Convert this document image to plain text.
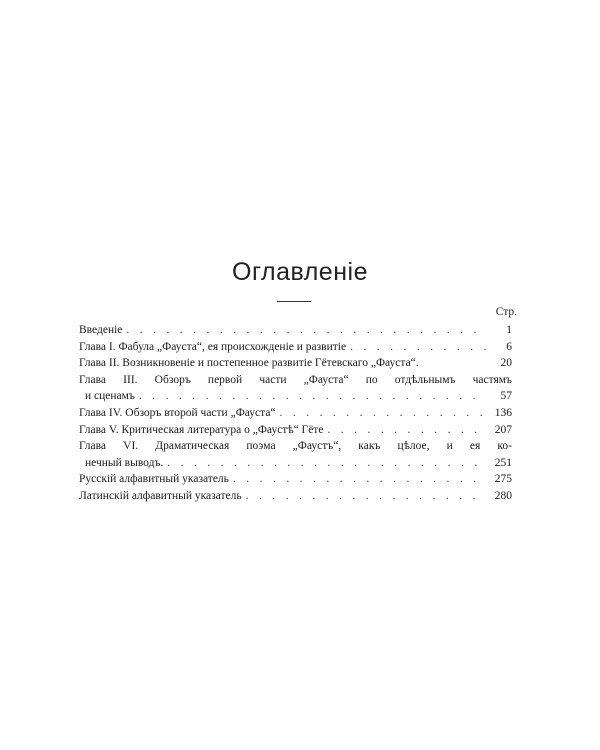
Оглавленіе
Стр.
Введеніе . . .	1
Глава I. Фабула „Фауста“, ея происхожденіе и развитіе . . .	6
Глава II. Возникновеніе и постепенное развитіе Гётевскаго „Фауста“.	20
Глава III. Обзоръ первой части „Фауста“ по отдѣльнымъ частямъ
и сценамъ . . .	57
Глава IV. Обзоръ второй части „Фауста“ . . .	136
Глава V. Критическая литература о „Фаустѣ“ Гёте . . .	207
Глава VI. Драматическая поэма „Фаустъ“, какъ цѣлое, и ея ко-
нечный выводъ. . . .	251
Русскій алфавитный указатель . . .	275
Латинскій алфавитный указатель . . .	280
